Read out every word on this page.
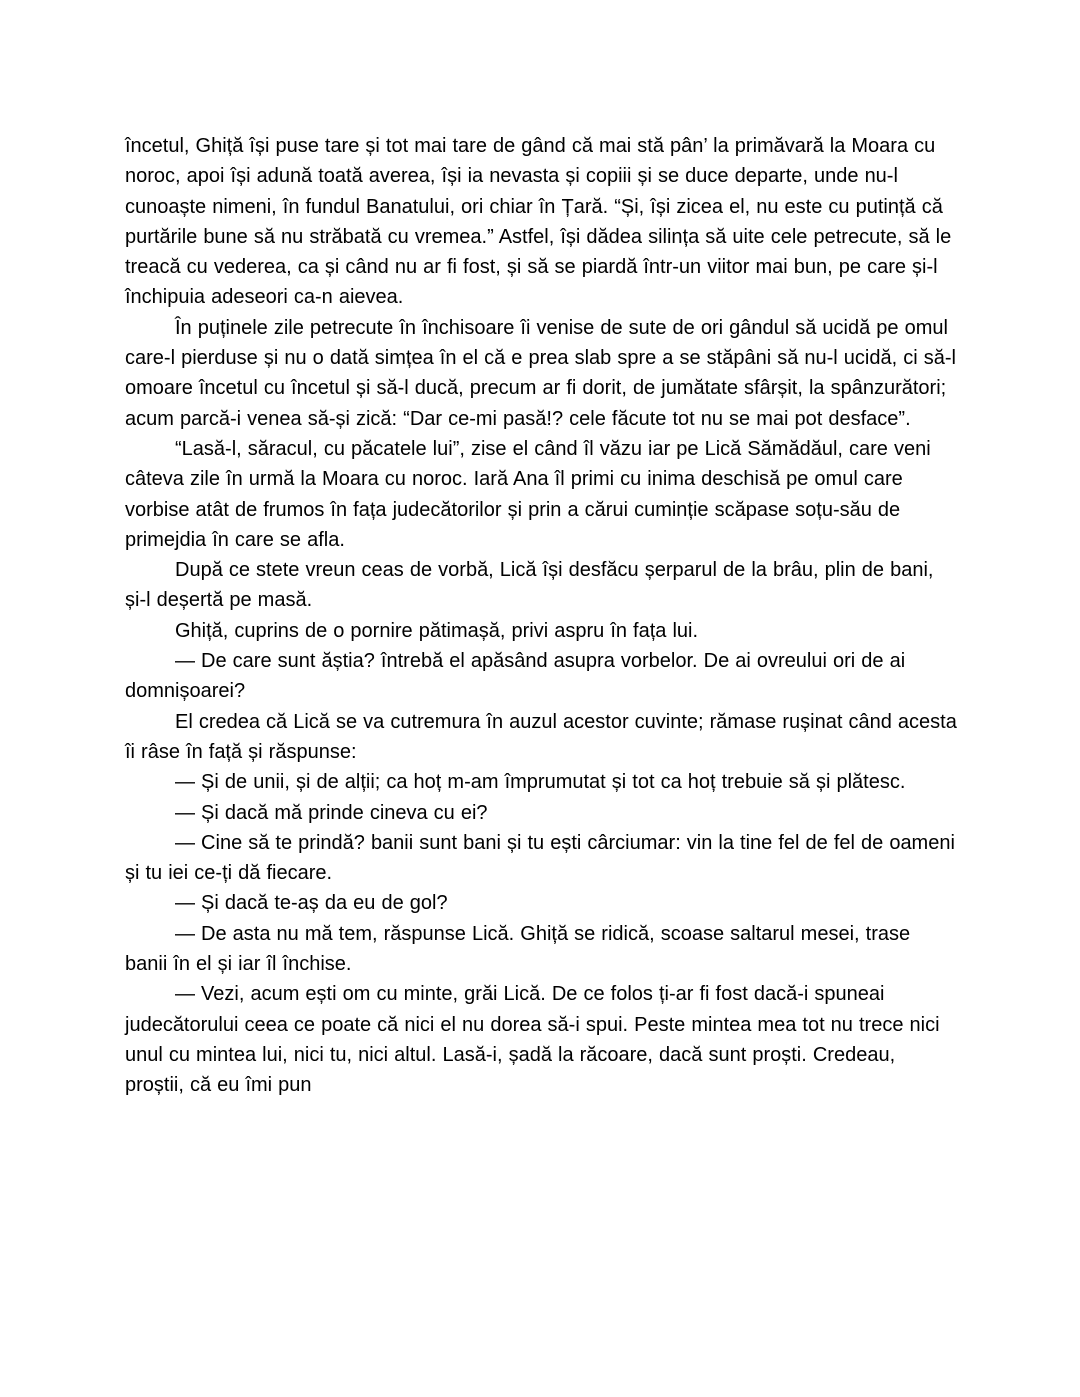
încetul, Ghiță își puse tare și tot mai tare de gând că mai stă pân’ la primăvară la Moara cu noroc, apoi își adună toată averea, își ia nevasta și copiii și se duce departe, unde nu-l cunoaște nimeni, în fundul Banatului, ori chiar în Țară. “Și, își zicea el, nu este cu putință că purtările bune să nu străbată cu vremea.” Astfel, își dădea silința să uite cele petrecute, să le treacă cu vederea, ca și când nu ar fi fost, și să se piardă într-un viitor mai bun, pe care și-l închipuia adeseori ca-n aievea.

În puținele zile petrecute în închisoare îi venise de sute de ori gândul să ucidă pe omul care-l pierduse și nu o dată simțea în el că e prea slab spre a se stăpâni să nu-l ucidă, ci să-l omoare încetul cu încetul și să-l ducă, precum ar fi dorit, de jumătate sfârșit, la spânzurători; acum parcă-i venea să-și zică: “Dar ce-mi pasă!? cele făcute tot nu se mai pot desface”.

“Lasă-l, săracul, cu păcatele lui”, zise el când îl văzu iar pe Lică Sămădăul, care veni câteva zile în urmă la Moara cu noroc. Iară Ana îl primi cu inima deschisă pe omul care vorbise atât de frumos în fața judecătorilor și prin a cărui cuminție scăpase soțu-său de primejdia în care se afla.

După ce stete vreun ceas de vorbă, Lică își desfăcu șerparul de la brâu, plin de bani, și-l deșertă pe masă.

Ghiță, cuprins de o pornire pătimașă, privi aspru în fața lui.

— De care sunt ăștia? întrebă el apăsând asupra vorbelor. De ai ovreului ori de ai domnișoarei?

El credea că Lică se va cutremura în auzul acestor cuvinte; rămase rușinat când acesta îi râse în față și răspunse:

— Și de unii, și de alții; ca hoț m-am împrumutat și tot ca hoț trebuie să și plătesc.

— Și dacă mă prinde cineva cu ei?

— Cine să te prindă? banii sunt bani și tu ești cârciumar: vin la tine fel de fel de oameni și tu iei ce-ți dă fiecare.

— Și dacă te-aș da eu de gol?

— De asta nu mă tem, răspunse Lică. Ghiță se ridică, scoase saltarul mesei, trase banii în el și iar îl închise.

— Vezi, acum ești om cu minte, grăi Lică. De ce folos ți-ar fi fost dacă-i spuneai judecătorului ceea ce poate că nici el nu dorea să-i spui. Peste mintea mea tot nu trece nici unul cu mintea lui, nici tu, nici altul. Lasă-i, șadă la răcoare, dacă sunt proști. Credeau, proștii, că eu îmi pun
